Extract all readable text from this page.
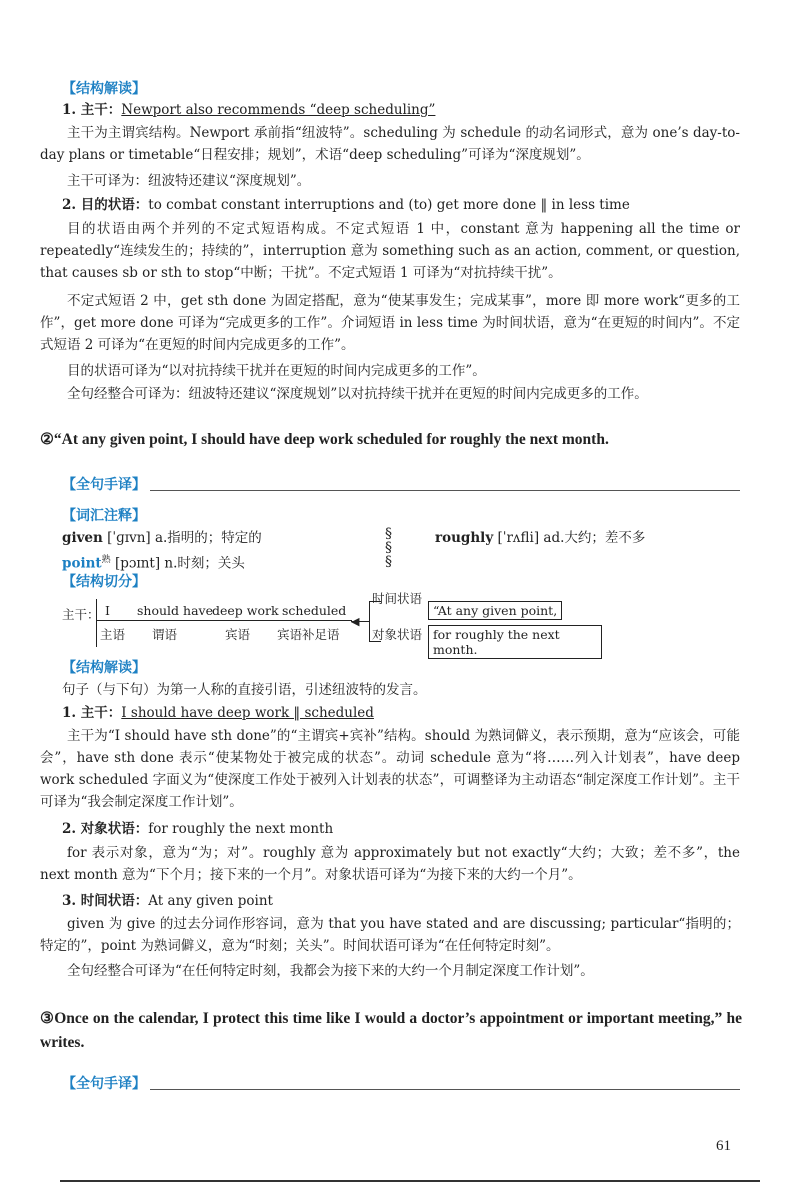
【结构解读】
1. 主干：Newport also recommends “deep scheduling”
主干为主谓宾结构。Newport 承前指“纽波特”。scheduling 为 schedule 的动名词形式，意为 one’s day-to-day plans or timetable“日程安排；规划”，术语“deep scheduling”可译为“深度规划”。
主干可译为：纽波特还建议“深度规划”。
2. 目的状语：to combat constant interruptions and (to) get more done ‖ in less time
目的状语由两个并列的不定式短语构成。不定式短语 1 中，constant 意为 happening all the time or repeatedly“连续发生的；持续的”，interruption 意为 something such as an action, comment, or question, that causes sb or sth to stop“中断；干扰”。不定式短语 1 可译为“对抗持续干扰”。
不定式短语 2 中，get sth done 为固定搭配，意为“使某事发生；完成某事”，more 即 more work“更多的工作”，get more done 可译为“完成更多的工作”。介词短语 in less time 为时间状语，意为“在更短的时间内”。不定式短语 2 可译为“在更短的时间内完成更多的工作”。
目的状语可译为“以对抗持续干扰并在更短的时间内完成更多的工作”。
全句经整合可译为：纽波特还建议“深度规划”以对抗持续干扰并在更短的时间内完成更多的工作。
②“At any given point, I should have deep work scheduled for roughly the next month.
【全句手译】
【词汇注释】
given [ˈɡɪvn] a.指明的；特定的
point$^熟$ [pɔɪnt] n.时刻；关头
§
§
§
roughly [ˈrʌfli] ad.大约；差不多
【结构切分】
主干： I should have deep work scheduled
主语 谓语	宾语 宾语补足语
◀
时间状语
“At any given point,
对象状语 for roughly the next month.
【结构解读】
句子（与下句）为第一人称的直接引语，引述纽波特的发言。
1. 主干：I should have deep work ‖ scheduled
主干为“I should have sth done”的“主谓宾+宾补”结构。should 为熟词僻义，表示预期，意为“应该会，可能会”，have sth done 表示“使某物处于被完成的状态”。动词 schedule 意为“将……列入计划表”，have deep work scheduled 字面义为“使深度工作处于被列入计划表的状态”，可调整译为主动语态“制定深度工作计划”。主干可译为“我会制定深度工作计划”。
2. 对象状语：for roughly the next month
for 表示对象，意为“为；对”。roughly 意为 approximately but not exactly“大约；大致；差不多”，the next month 意为“下个月；接下来的一个月”。对象状语可译为“为接下来的大约一个月”。
3. 时间状语：At any given point
given 为 give 的过去分词作形容词，意为 that you have stated and are discussing; particular“指明的；特定的”，point 为熟词僻义，意为“时刻；关头”。时间状语可译为“在任何特定时刻”。
全句经整合可译为“在任何特定时刻，我都会为接下来的大约一个月制定深度工作计划”。
③Once on the calendar, I protect this time like I would a doctor’s appointment or important meeting,” he writes.
【全句手译】
61
